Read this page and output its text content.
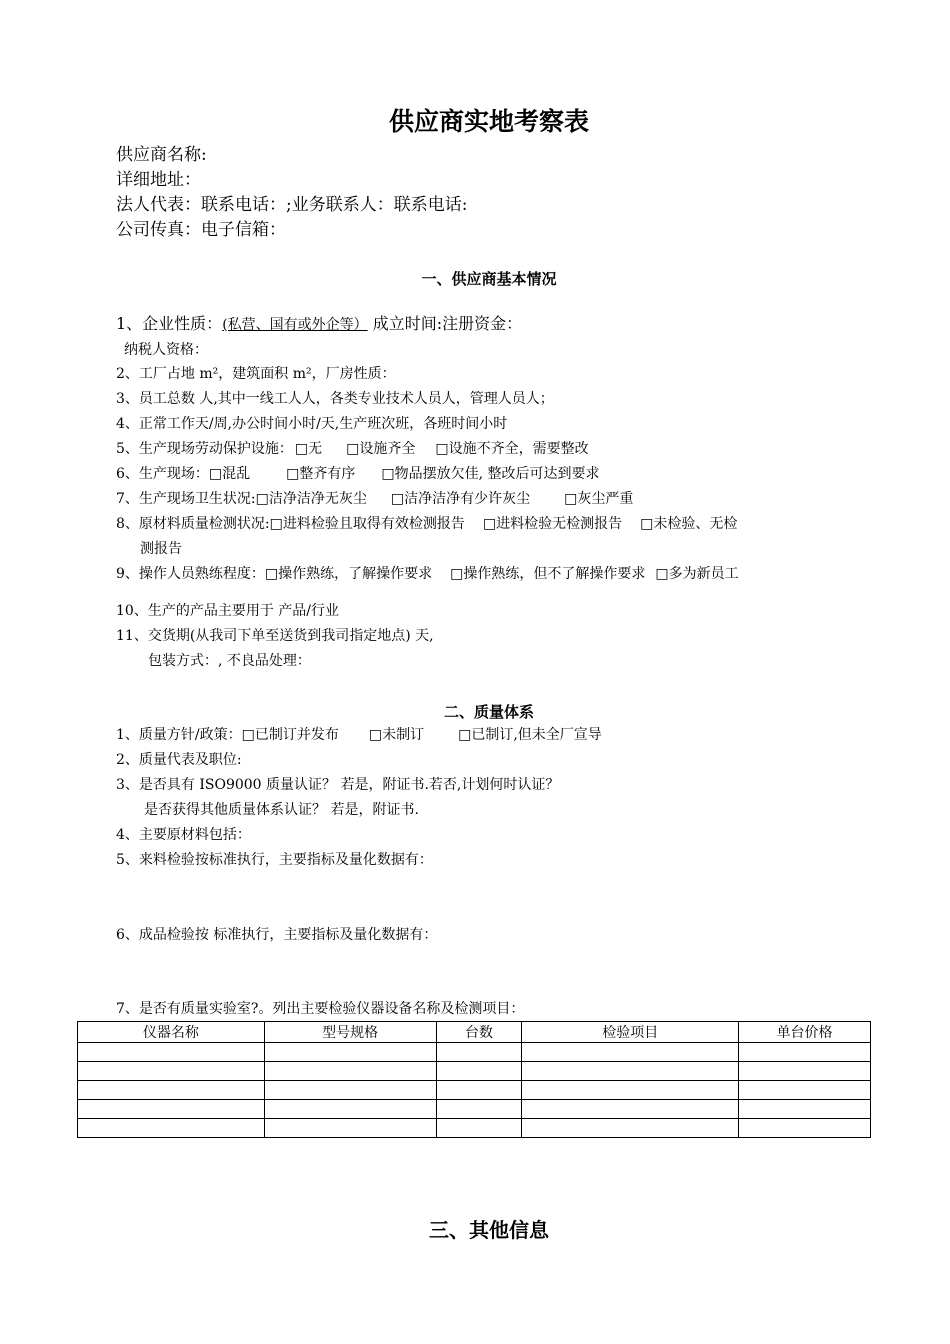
供应商实地考察表
供应商名称:
详细地址：
法人代表：联系电话：;业务联系人：联系电话:
公司传真：电子信箱：
一、供应商基本情况
1、企业性质：(私营、国有或外企等） 成立时间:注册资金：
纳税人资格：
2、工厂占地 m²，建筑面积 m²，厂房性质：
3、员工总数 人,其中一线工人人，各类专业技术人员人，管理人员人；
4、正常工作天/周,办公时间小时/天,生产班次班，各班时间小时
5、生产现场劳动保护设施： □无 □设施齐全 □设施不齐全，需要整改
6、生产现场：□混乱	□整齐有序 □物品摆放欠佳, 整改后可达到要求
7、生产现场卫生状况:□洁净洁净无灰尘 □洁净洁净有少许灰尘 □灰尘严重
8、原材料质量检测状况:□进料检验且取得有效检测报告 □进料检验无检测报告 □未检验、无检
测报告
9、操作人员熟练程度：□操作熟练，了解操作要求 □操作熟练，但不了解操作要求 □多为新员工
10、生产的产品主要用于 产品/行业
11、交货期(从我司下单至送货到我司指定地点) 天,
包装方式：, 不良品处理：
二、质量体系
1、质量方针/政策：□已制订并发布 □未制订 □已制订,但未全厂宣导
2、质量代表及职位:
3、是否具有 ISO9000 质量认证？ 若是，附证书.若否,计划何时认证？
是否获得其他质量体系认证？ 若是，附证书.
4、主要原材料包括：
5、来料检验按标准执行，主要指标及量化数据有：
6、成品检验按 标准执行，主要指标及量化数据有：
7、是否有质量实验室?。列出主要检验仪器设备名称及检测项目：
仪器名称	型号规格	台数	检验项目	单台价格

三、其他信息
